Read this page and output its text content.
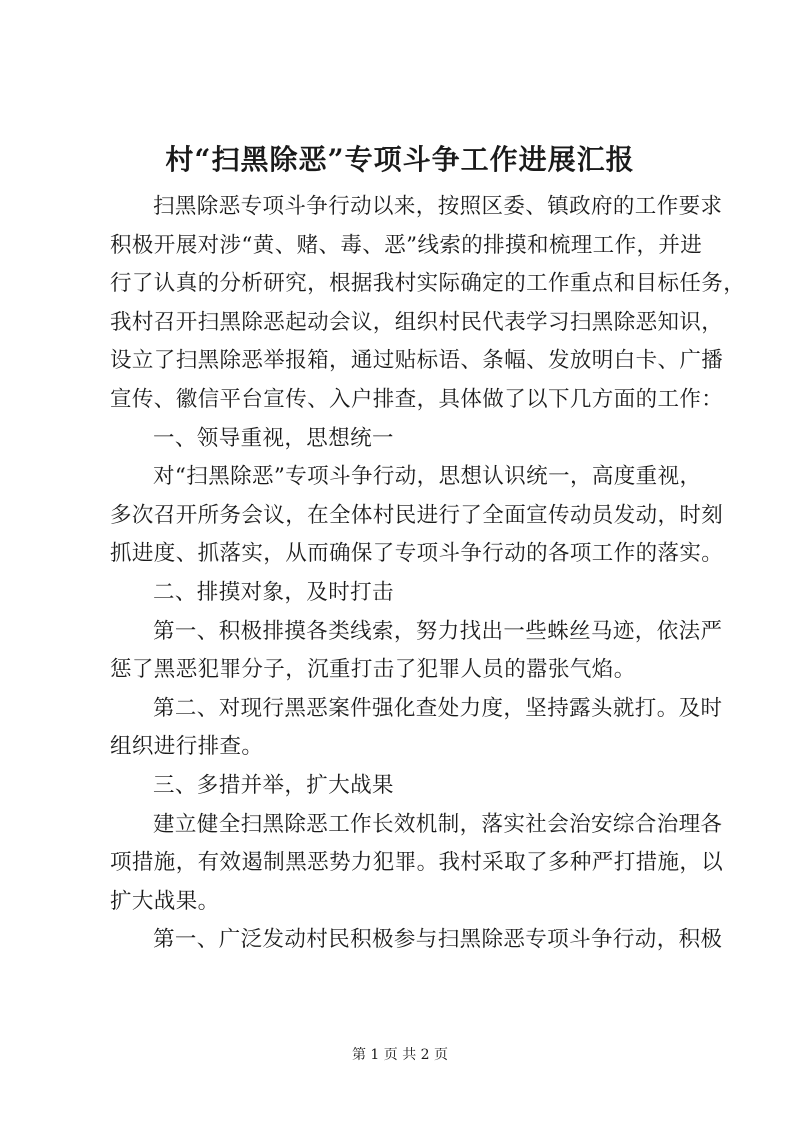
村“扫黑除恶”专项斗争工作进展汇报
扫黑除恶专项斗争行动以来，按照区委、镇政府的工作要求
积极开展对涉“黄、赌、毒、恶”线索的排摸和梳理工作，并进
行了认真的分析研究，根据我村实际确定的工作重点和目标任务，
我村召开扫黑除恶起动会议，组织村民代表学习扫黑除恶知识，
设立了扫黑除恶举报箱，通过贴标语、条幅、发放明白卡、广播
宣传、徽信平台宣传、入户排查，具体做了以下几方面的工作：
一、领导重视，思想统一
对“扫黑除恶”专项斗争行动，思想认识统一，高度重视，
多次召开所务会议，在全体村民进行了全面宣传动员发动，时刻
抓进度、抓落实，从而确保了专项斗争行动的各项工作的落实。
二、排摸对象，及时打击
第一、积极排摸各类线索，努力找出一些蛛丝马迹，依法严
惩了黑恶犯罪分子，沉重打击了犯罪人员的嚣张气焰。
第二、对现行黑恶案件强化查处力度，坚持露头就打。及时
组织进行排查。
三、多措并举，扩大战果
建立健全扫黑除恶工作长效机制，落实社会治安综合治理各
项措施，有效遏制黑恶势力犯罪。我村采取了多种严打措施，以
扩大战果。
第一、广泛发动村民积极参与扫黑除恶专项斗争行动，积极
第 1 页 共 2 页
